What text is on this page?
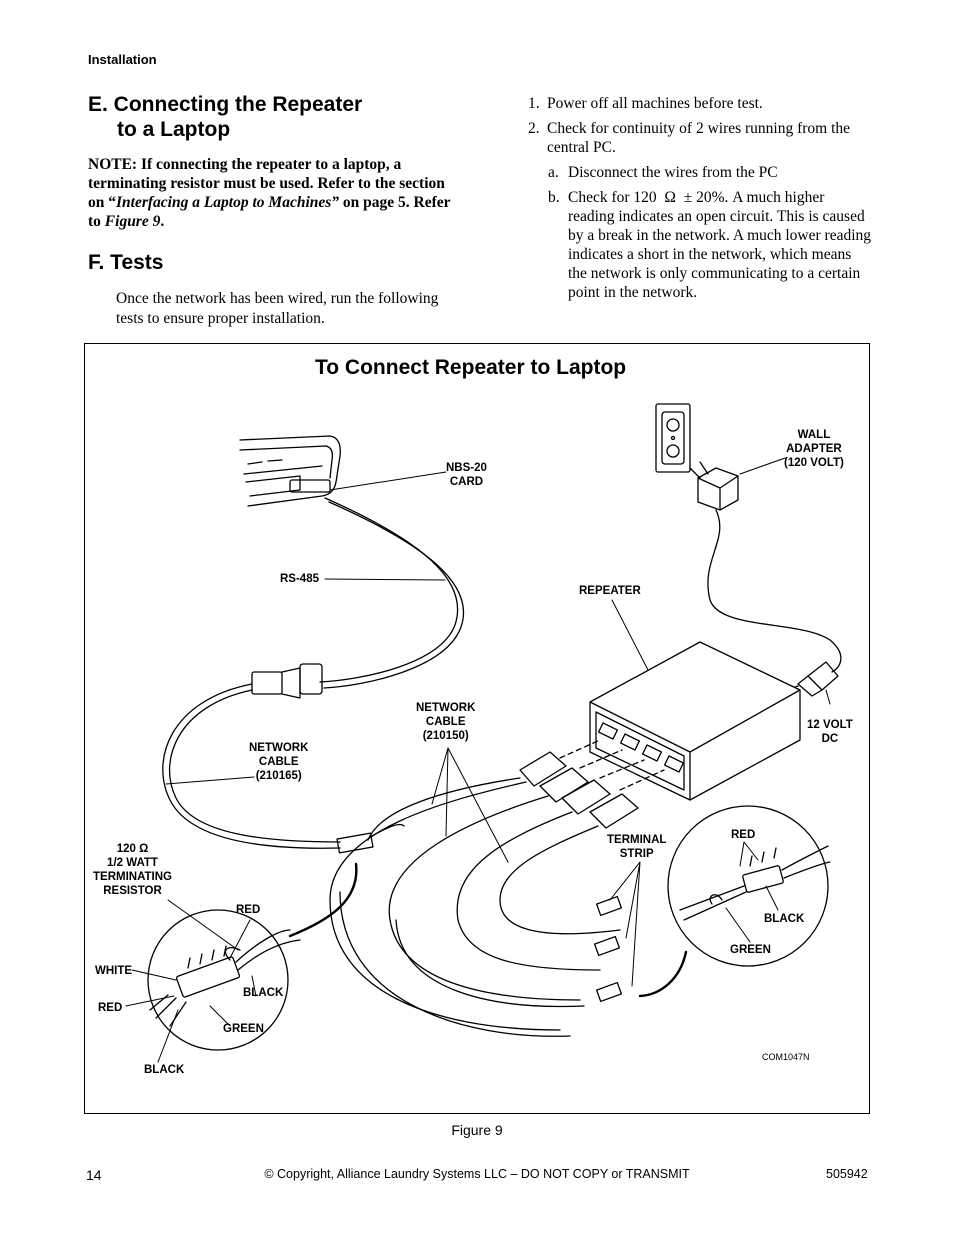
Installation
E. Connecting the Repeater
to a Laptop
NOTE: If connecting the repeater to a laptop, a terminating resistor must be used. Refer to the section on “Interfacing a Laptop to Machines” on page 5. Refer to Figure 9.
F. Tests
Once the network has been wired, run the following tests to ensure proper installation.
1. Power off all machines before test.
2. Check for continuity of 2 wires running from the central PC.
a. Disconnect the wires from the PC
b. Check for 120  Ω  ± 20%. A much higher reading indicates an open circuit. This is caused by a break in the network. A much lower reading indicates a short in the network, which means the network is only communicating to a certain point in the network.
To Connect Repeater to Laptop
NBS-20
CARD
WALL
ADAPTER
(120 VOLT)
RS-485
REPEATER
NETWORK
CABLE
(210150)
NETWORK
CABLE
(210165)
12 VOLT
DC
120 Ω
1/2 WATT
TERMINATING
RESISTOR
TERMINAL
STRIP
RED
BLACK
GREEN
RED
WHITE
RED
BLACK
GREEN
BLACK
COM1047N
Figure 9
14	© Copyright, Alliance Laundry Systems LLC – DO NOT COPY or TRANSMIT	505942
